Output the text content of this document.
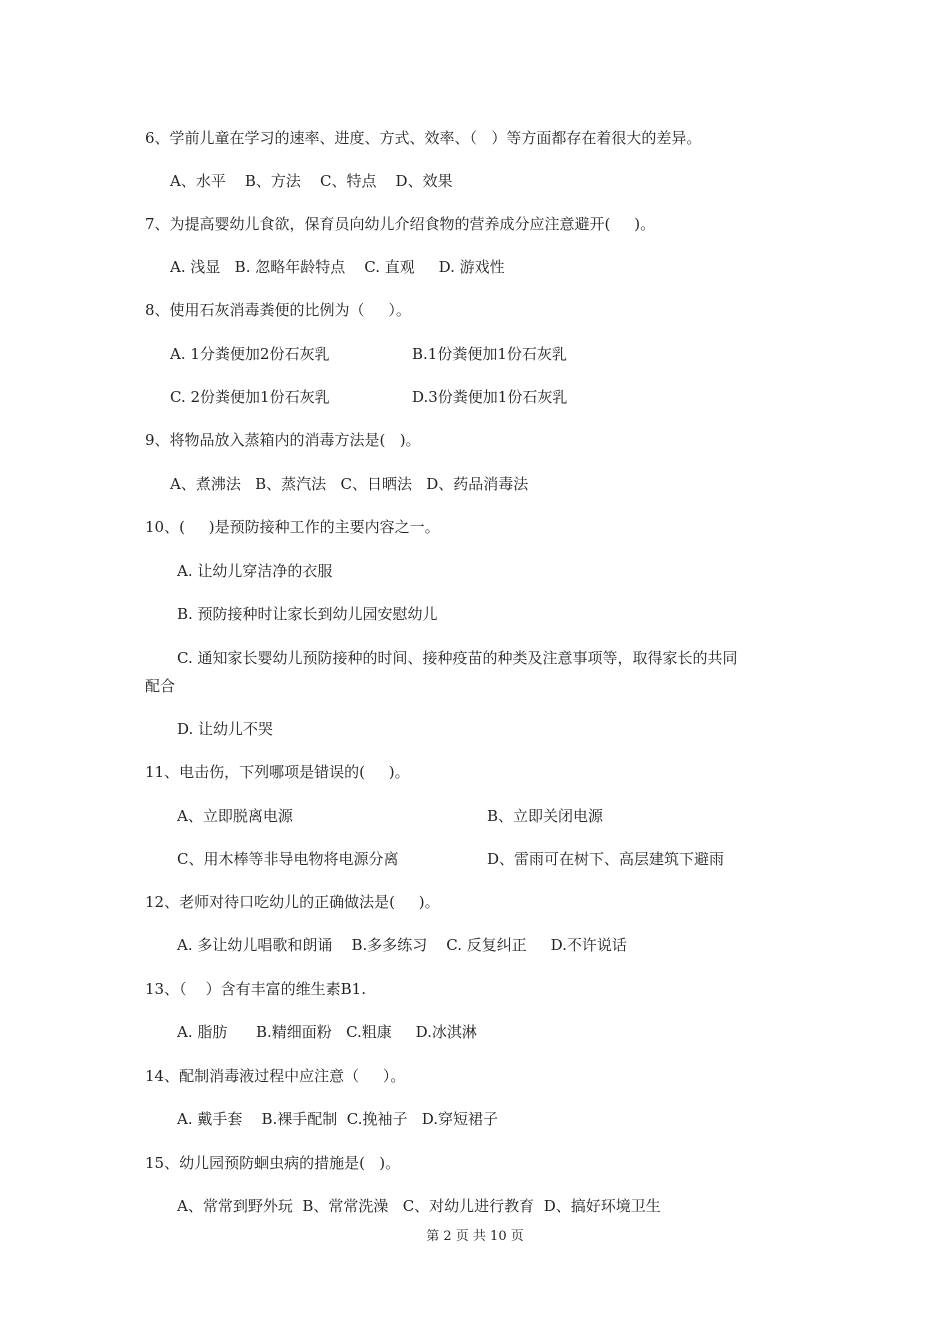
6、学前儿童在学习的速率、进度、方式、效率、（   ）等方面都存在着很大的差异。
A、水平    B、方法    C、特点    D、效果
7、为提高婴幼儿食欲，保育员向幼儿介绍食物的营养成分应注意避开(     )。
A. 浅显   B. 忽略年龄特点    C. 直观     D. 游戏性
8、使用石灰消毒粪便的比例为（     ）。
A. 1分粪便加2份石灰乳	B.1份粪便加1份石灰乳
C. 2份粪便加1份石灰乳	D.3份粪便加1份石灰乳
9、将物品放入蒸箱内的消毒方法是(   )。
A、煮沸法   B、蒸汽法   C、日晒法   D、药品消毒法
10、(     )是预防接种工作的主要内容之一。
A. 让幼儿穿洁净的衣服
B. 预防接种时让家长到幼儿园安慰幼儿
C. 通知家长婴幼儿预防接种的时间、接种疫苗的种类及注意事项等，取得家长的共同
配合
D. 让幼儿不哭
11、电击伤，下列哪项是错误的(     )。
A、立即脱离电源	B、立即关闭电源
C、用木棒等非导电物将电源分离	D、雷雨可在树下、高层建筑下避雨
12、老师对待口吃幼儿的正确做法是(     )。
A. 多让幼儿唱歌和朗诵    B.多多练习    C. 反复纠正     D.不许说话
13、（    ）含有丰富的维生素B1.
A. 脂肪      B.精细面粉   C.粗康     D.冰淇淋
14、配制消毒液过程中应注意（     ）。
A. 戴手套    B.裸手配制  C.挽袖子   D.穿短裙子
15、幼儿园预防蛔虫病的措施是(   )。
A、常常到野外玩  B、常常洗澡   C、对幼儿进行教育  D、搞好环境卫生
第 2 页 共 10 页
